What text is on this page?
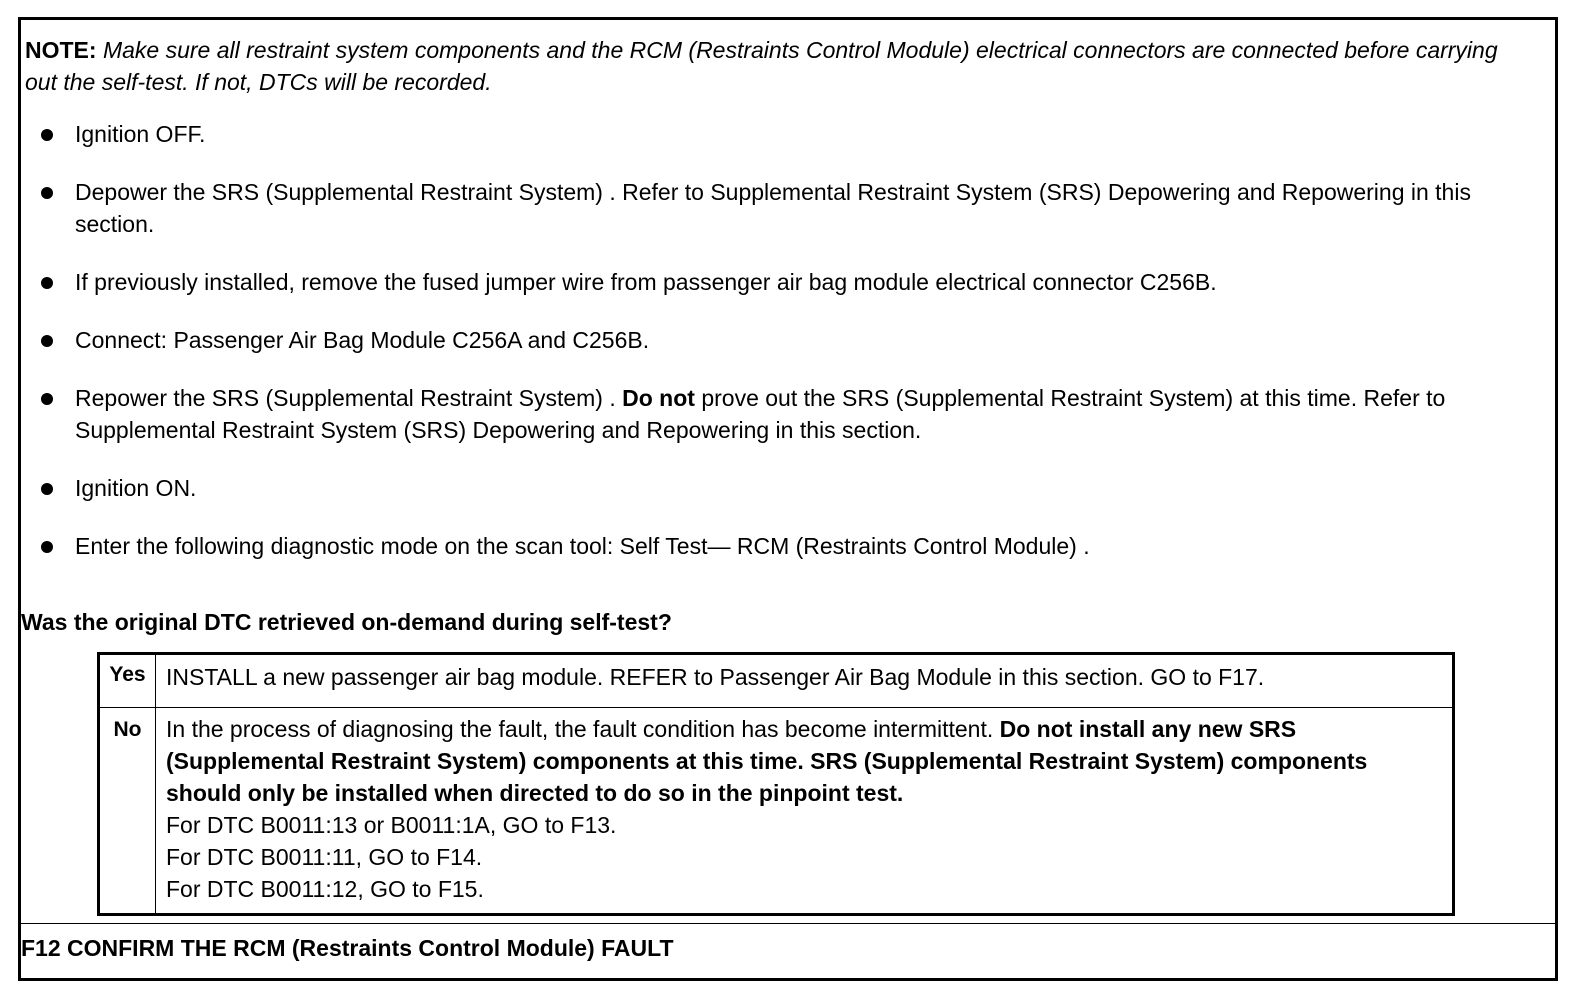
NOTE: Make sure all restraint system components and the RCM (Restraints Control Module) electrical connectors are connected before carrying out the self-test. If not, DTCs will be recorded.
Ignition OFF.
Depower the SRS (Supplemental Restraint System) . Refer to Supplemental Restraint System (SRS) Depowering and Repowering in this section.
If previously installed, remove the fused jumper wire from passenger air bag module electrical connector C256B.
Connect: Passenger Air Bag Module C256A and C256B.
Repower the SRS (Supplemental Restraint System) . Do not prove out the SRS (Supplemental Restraint System) at this time. Refer to Supplemental Restraint System (SRS) Depowering and Repowering in this section.
Ignition ON.
Enter the following diagnostic mode on the scan tool: Self Test— RCM (Restraints Control Module) .
Was the original DTC retrieved on-demand during self-test?
Yes INSTALL a new passenger air bag module. REFER to Passenger Air Bag Module in this section. GO to F17.
No	In the process of diagnosing the fault, the fault condition has become intermittent. Do not install any new SRS (Supplemental Restraint System) components at this time. SRS (Supplemental Restraint System) components should only be installed when directed to do so in the pinpoint test.
For DTC B0011:13 or B0011:1A, GO to F13.
For DTC B0011:11, GO to F14.
For DTC B0011:12, GO to F15.
F12 CONFIRM THE RCM (Restraints Control Module) FAULT
